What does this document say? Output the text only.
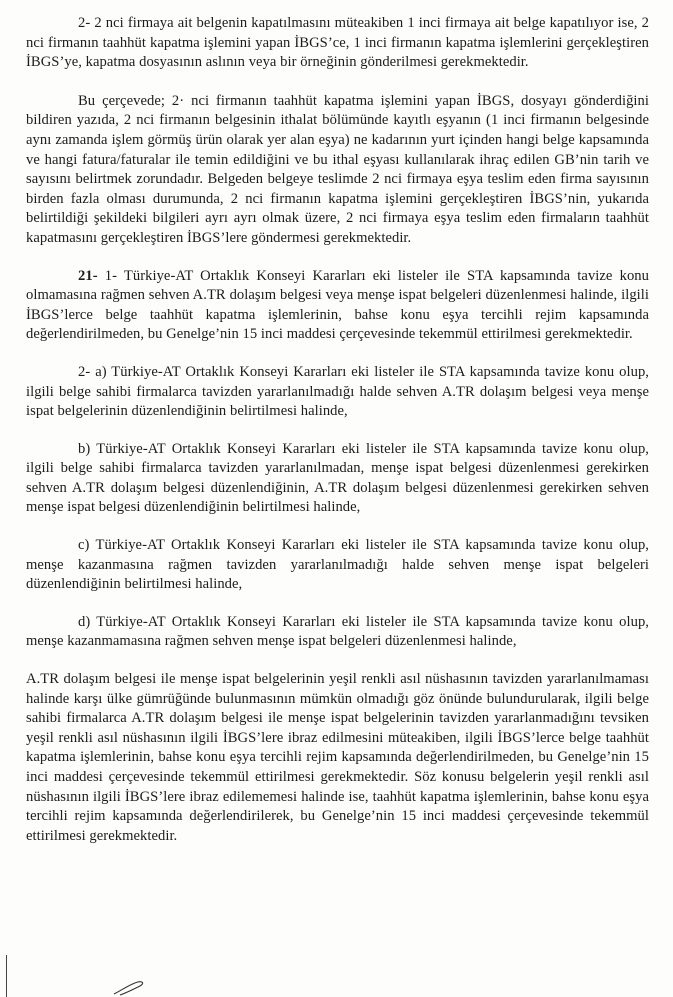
2- 2 nci firmaya ait belgenin kapatılmasını müteakiben 1 inci firmaya ait belge kapatılıyor ise, 2 nci firmanın taahhüt kapatma işlemini yapan İBGS’ce, 1 inci firmanın kapatma işlemlerini gerçekleştiren İBGS’ye, kapatma dosyasının aslının veya bir örneğinin gönderilmesi gerekmektedir.

Bu çerçevede; 2· nci firmanın taahhüt kapatma işlemini yapan İBGS, dosyayı gönderdiğini bildiren yazıda, 2 nci firmanın belgesinin ithalat bölümünde kayıtlı eşyanın (1 inci firmanın belgesinde aynı zamanda işlem görmüş ürün olarak yer alan eşya) ne kadarının yurt içinden hangi belge kapsamında ve hangi fatura/faturalar ile temin edildiğini ve bu ithal eşyası kullanılarak ihraç edilen GB’nin tarih ve sayısını belirtmek zorundadır. Belgeden belgeye teslimde 2 nci firmaya eşya teslim eden firma sayısının birden fazla olması durumunda, 2 nci firmanın kapatma işlemini gerçekleştiren İBGS’nin, yukarıda belirtildiği şekildeki bilgileri ayrı ayrı olmak üzere, 2 nci firmaya eşya teslim eden firmaların taahhüt kapatmasını gerçekleştiren İBGS’lere göndermesi gerekmektedir.

21- 1- Türkiye-AT Ortaklık Konseyi Kararları eki listeler ile STA kapsamında tavize konu olmamasına rağmen sehven A.TR dolaşım belgesi veya menşe ispat belgeleri düzenlenmesi halinde, ilgili İBGS’lerce belge taahhüt kapatma işlemlerinin, bahse konu eşya tercihli rejim kapsamında değerlendirilmeden, bu Genelge’nin 15 inci maddesi çerçevesinde tekemmül ettirilmesi gerekmektedir.

2- a) Türkiye-AT Ortaklık Konseyi Kararları eki listeler ile STA kapsamında tavize konu olup, ilgili belge sahibi firmalarca tavizden yararlanılmadığı halde sehven A.TR dolaşım belgesi veya menşe ispat belgelerinin düzenlendiğinin belirtilmesi halinde,

b) Türkiye-AT Ortaklık Konseyi Kararları eki listeler ile STA kapsamında tavize konu olup, ilgili belge sahibi firmalarca tavizden yararlanılmadan, menşe ispat belgesi düzenlenmesi gerekirken sehven A.TR dolaşım belgesi düzenlendiğinin, A.TR dolaşım belgesi düzenlenmesi gerekirken sehven menşe ispat belgesi düzenlendiğinin belirtilmesi halinde,

c) Türkiye-AT Ortaklık Konseyi Kararları eki listeler ile STA kapsamında tavize konu olup, menşe kazanmasına rağmen tavizden yararlanılmadığı halde sehven menşe ispat belgeleri düzenlendiğinin belirtilmesi halinde,

d) Türkiye-AT Ortaklık Konseyi Kararları eki listeler ile STA kapsamında tavize konu olup, menşe kazanmamasına rağmen sehven menşe ispat belgeleri düzenlenmesi halinde,

A.TR dolaşım belgesi ile menşe ispat belgelerinin yeşil renkli asıl nüshasının tavizden yararlanılmaması halinde karşı ülke gümrüğünde bulunmasının mümkün olmadığı göz önünde bulundurularak, ilgili belge sahibi firmalarca A.TR dolaşım belgesi ile menşe ispat belgelerinin tavizden yararlanmadığını tevsiken yeşil renkli asıl nüshasının ilgili İBGS’lere ibraz edilmesini müteakiben, ilgili İBGS’lerce belge taahhüt kapatma işlemlerinin, bahse konu eşya tercihli rejim kapsamında değerlendirilmeden, bu Genelge’nin 15 inci maddesi çerçevesinde tekemmül ettirilmesi gerekmektedir. Söz konusu belgelerin yeşil renkli asıl nüshasının ilgili İBGS’lere ibraz edilememesi halinde ise, taahhüt kapatma işlemlerinin, bahse konu eşya tercihli rejim kapsamında değerlendirilerek, bu Genelge’nin 15 inci maddesi çerçevesinde tekemmül ettirilmesi gerekmektedir.
